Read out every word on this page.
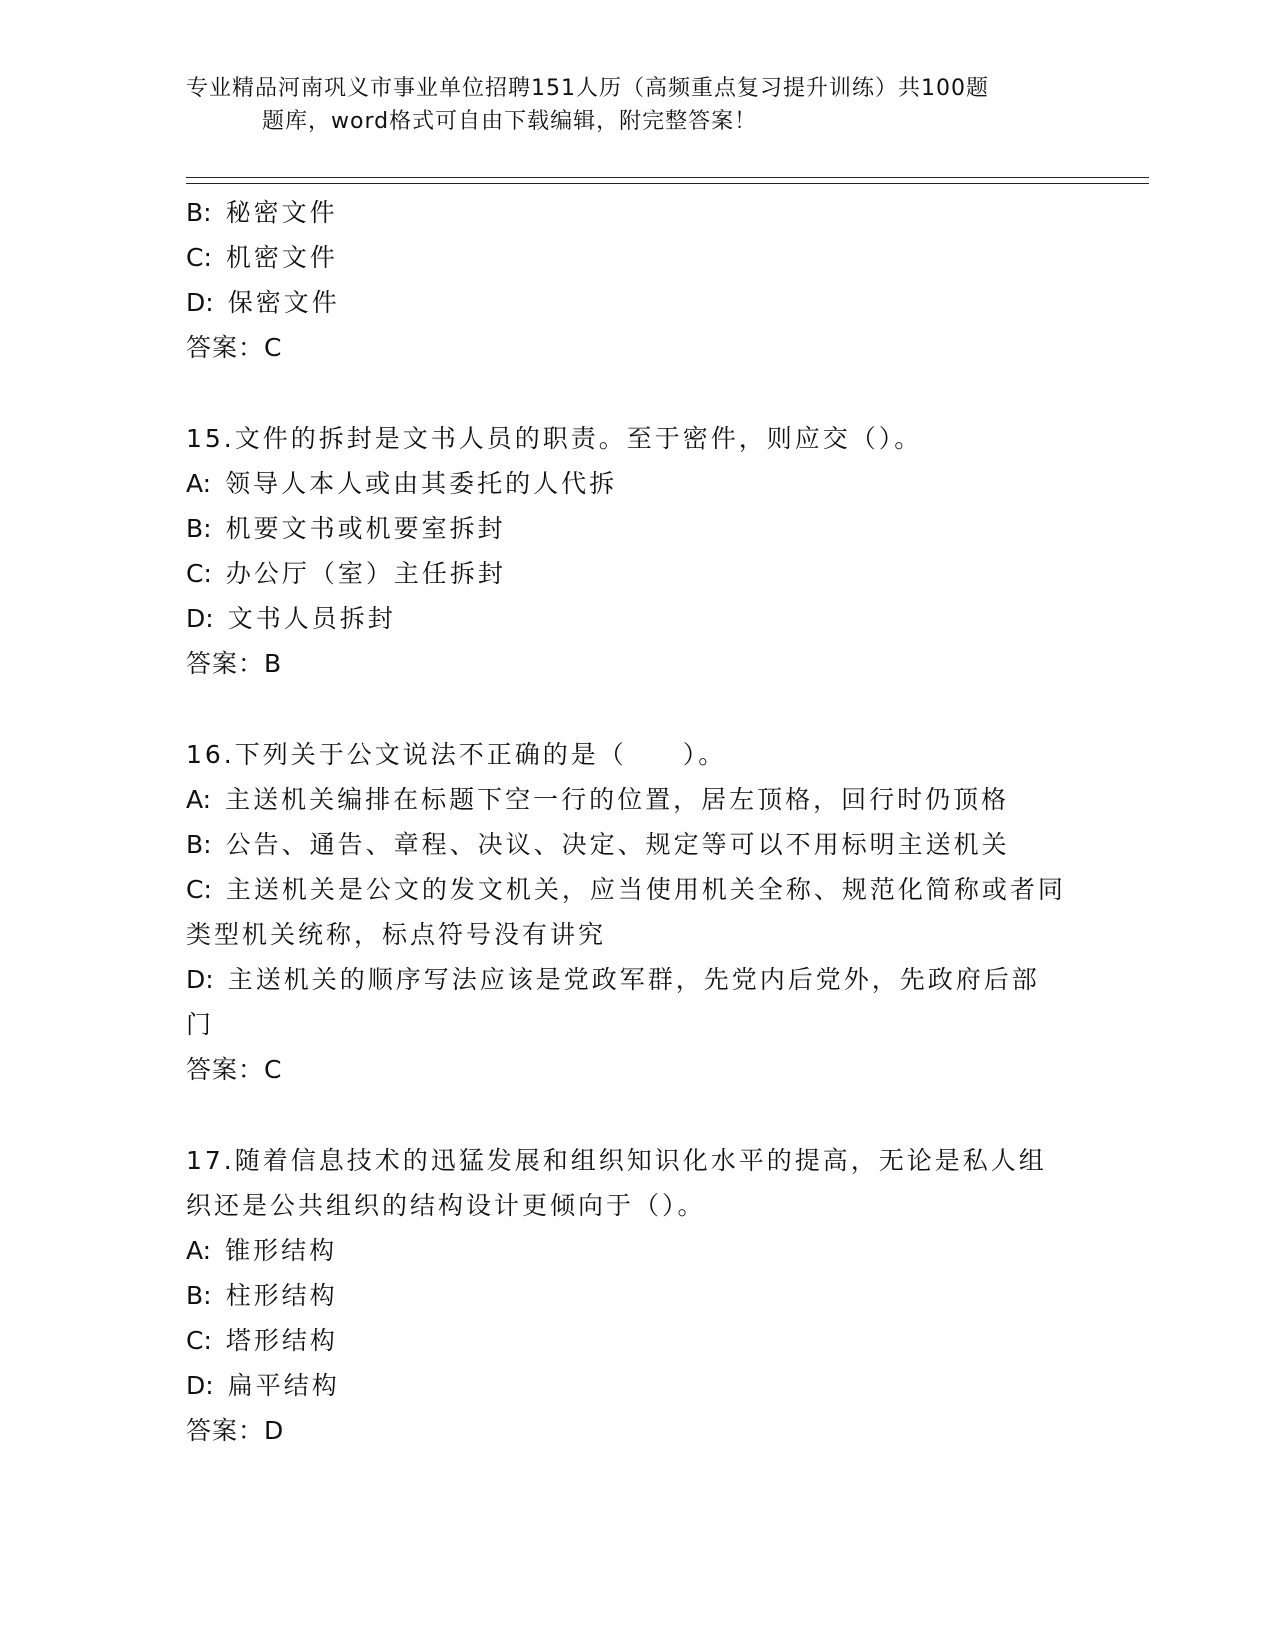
专业精品河南巩义市事业单位招聘151人历（高频重点复习提升训练）共100题
题库，word格式可自由下载编辑，附完整答案！
B: 秘密文件
C: 机密文件
D: 保密文件
答案：C
15.文件的拆封是文书人员的职责。至于密件，则应交（）。
A: 领导人本人或由其委托的人代拆
B: 机要文书或机要室拆封
C: 办公厅（室）主任拆封
D: 文书人员拆封
答案：B
16.下列关于公文说法不正确的是（　　）。
A: 主送机关编排在标题下空一行的位置，居左顶格，回行时仍顶格
B: 公告、通告、章程、决议、决定、规定等可以不用标明主送机关
C: 主送机关是公文的发文机关，应当使用机关全称、规范化简称或者同类型机关统称，标点符号没有讲究
D: 主送机关的顺序写法应该是党政军群，先党内后党外，先政府后部门
答案：C
17.随着信息技术的迅猛发展和组织知识化水平的提高，无论是私人组织还是公共组织的结构设计更倾向于（）。
A: 锥形结构
B: 柱形结构
C: 塔形结构
D: 扁平结构
答案：D
